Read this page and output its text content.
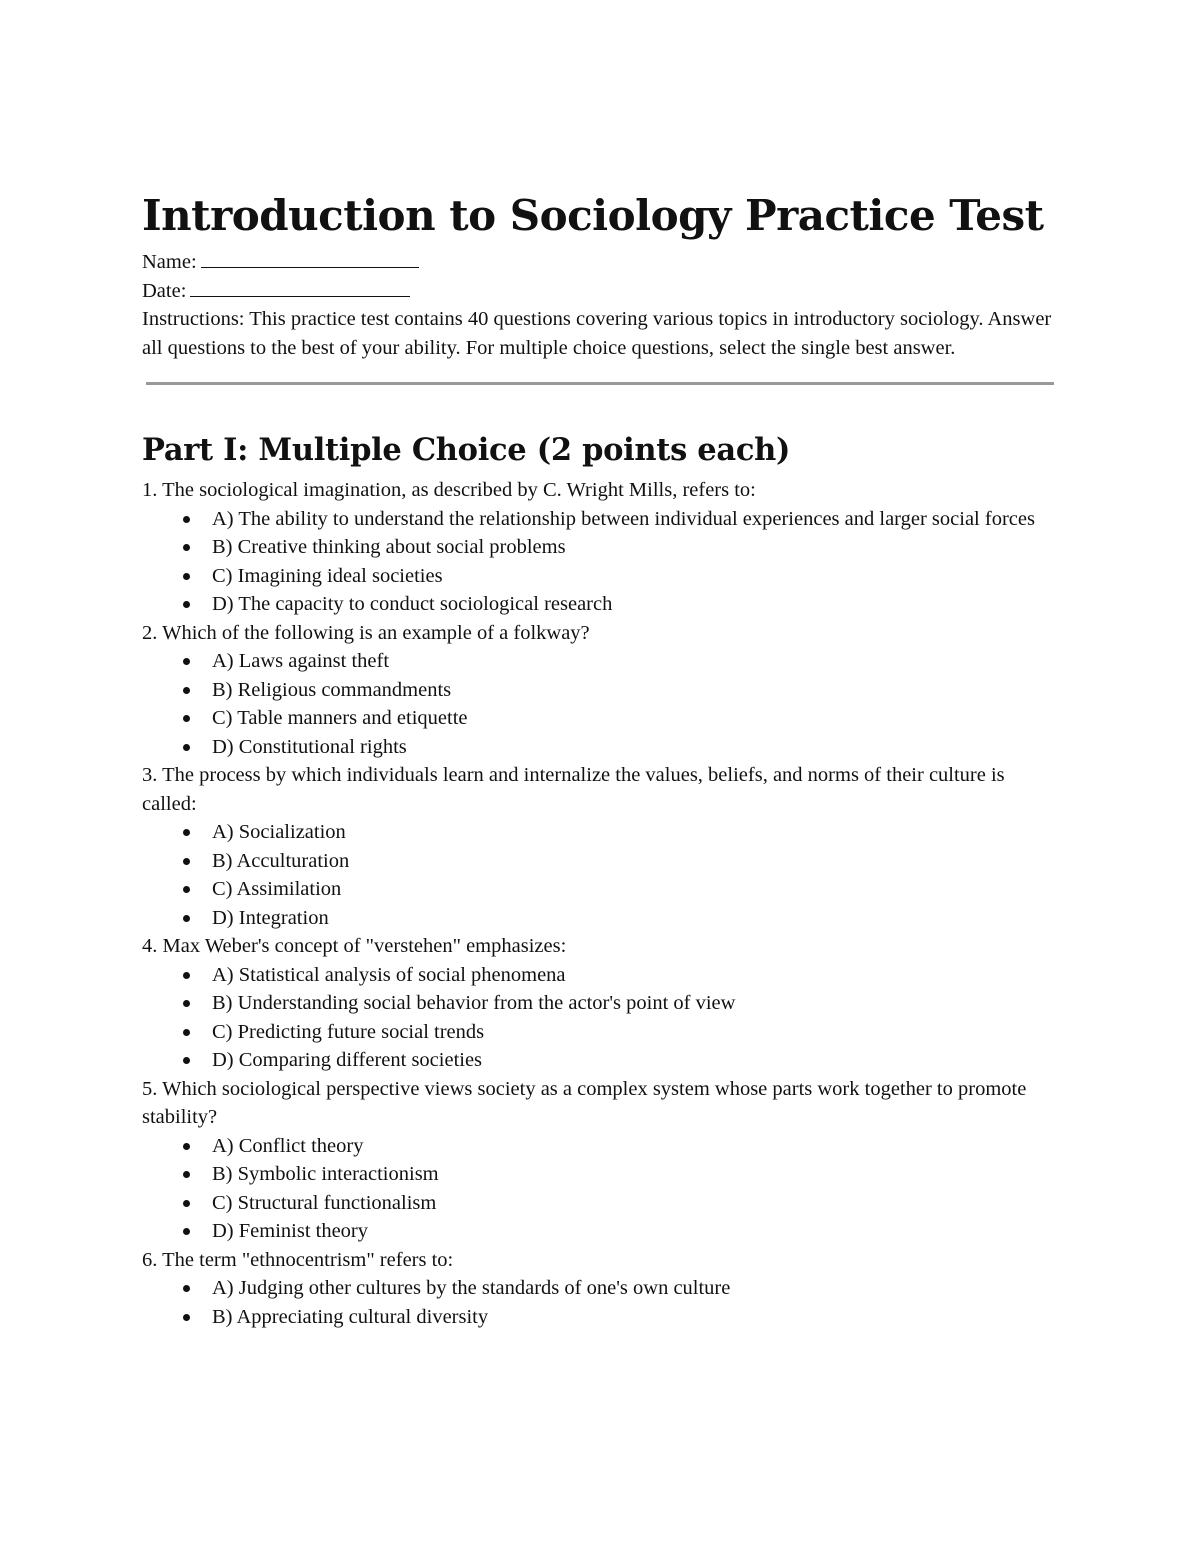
Introduction to Sociology Practice Test
Name:
Date:

Instructions: This practice test contains 40 questions covering various topics in introductory sociology. Answer all questions to the best of your ability. For multiple choice questions, select the single best answer.

Part I: Multiple Choice (2 points each)
1. The sociological imagination, as described by C. Wright Mills, refers to:
A) The ability to understand the relationship between individual experiences and larger social forces
B) Creative thinking about social problems
C) Imagining ideal societies
D) The capacity to conduct sociological research
2. Which of the following is an example of a folkway?
A) Laws against theft
B) Religious commandments
C) Table manners and etiquette
D) Constitutional rights
3. The process by which individuals learn and internalize the values, beliefs, and norms of their culture is called:
A) Socialization
B) Acculturation
C) Assimilation
D) Integration
4. Max Weber's concept of "verstehen" emphasizes:
A) Statistical analysis of social phenomena
B) Understanding social behavior from the actor's point of view
C) Predicting future social trends
D) Comparing different societies
5. Which sociological perspective views society as a complex system whose parts work together to promote stability?
A) Conflict theory
B) Symbolic interactionism
C) Structural functionalism
D) Feminist theory
6. The term "ethnocentrism" refers to:
A) Judging other cultures by the standards of one's own culture
B) Appreciating cultural diversity
